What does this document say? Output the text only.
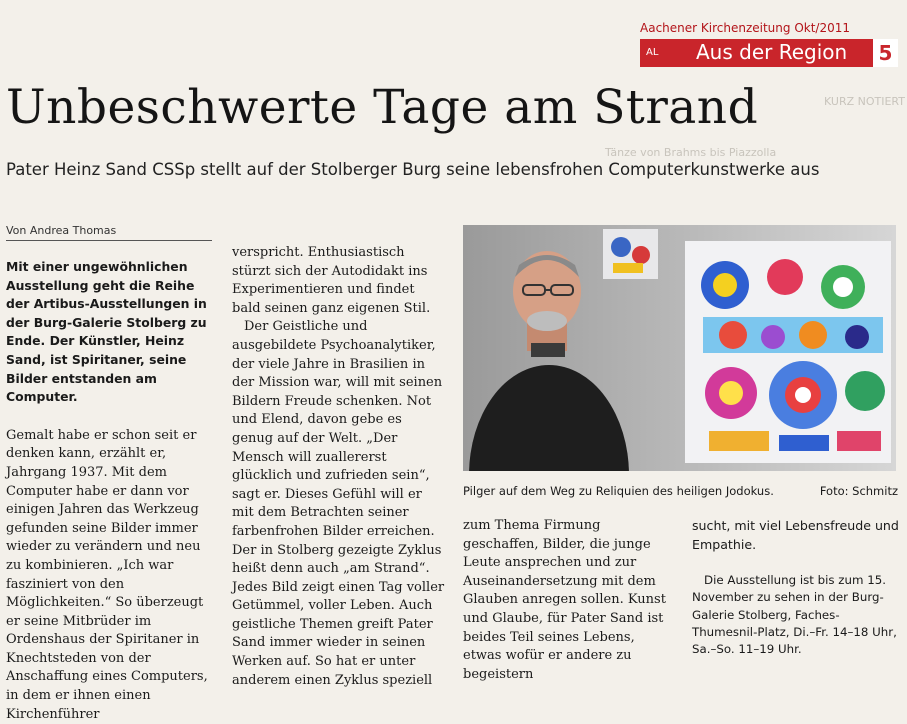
Aachener Kirchenzeitung Okt/2011
AL Aus der Region 5
KURZ NOTIERT
Tänze von Brahms bis Piazzolla
Unbeschwerte Tage am Strand
Pater Heinz Sand CSSp stellt auf der Stolberger Burg seine lebensfrohen Computerkunstwerke aus
Von Andrea Thomas

Mit einer ungewöhnlichen Ausstellung geht die Reihe der Artibus-Ausstellungen in der Burg-Galerie Stolberg zu Ende. Der Künstler, Heinz Sand, ist Spiritaner, seine Bilder entstanden am Computer.

Gemalt habe er schon seit er denken kann, erzählt er, Jahrgang 1937. Mit dem Computer habe er dann vor einigen Jahren das Werkzeug gefunden seine Bilder immer wieder zu verändern und neu zu kombinieren. „Ich war fasziniert von den Möglichkeiten.“ So überzeugt er seine Mitbrüder im Ordenshaus der Spiritaner in Knechtsteden von der Anschaffung eines Computers, in dem er ihnen einen Kirchenführer

verspricht. Enthusiastisch stürzt sich der Autodidakt ins Experimentieren und findet bald seinen ganz eigenen Stil.

Der Geistliche und ausgebildete Psychoanalytiker, der viele Jahre in Brasilien in der Mission war, will mit seinen Bildern Freude schenken. Not und Elend, davon gebe es genug auf der Welt. „Der Mensch will zuallererst glücklich und zufrieden sein“, sagt er. Dieses Gefühl will er mit dem Betrachten seiner farbenfrohen Bilder erreichen. Der in Stolberg gezeigte Zyklus heißt denn auch „am Strand“. Jedes Bild zeigt einen Tag voller Getümmel, voller Leben. Auch geistliche Themen greift Pater Sand immer wieder in seinen Werken auf. So hat er unter anderem einen Zyklus speziell

Pilger auf dem Weg zu Reliquien des heiligen Jodokus.	Foto: Schmitz

zum Thema Firmung geschaffen, Bilder, die junge Leute ansprechen und zur Auseinandersetzung mit dem Glauben anregen sollen. Kunst und Glaube, für Pater Sand ist beides Teil seines Lebens, etwas wofür er andere zu begeistern

sucht, mit viel Lebensfreude und Empathie.

Die Ausstellung ist bis zum 15. November zu sehen in der Burg-Galerie Stolberg, Faches-Thumesnil-Platz, Di.–Fr. 14–18 Uhr, Sa.–So. 11–19 Uhr.
